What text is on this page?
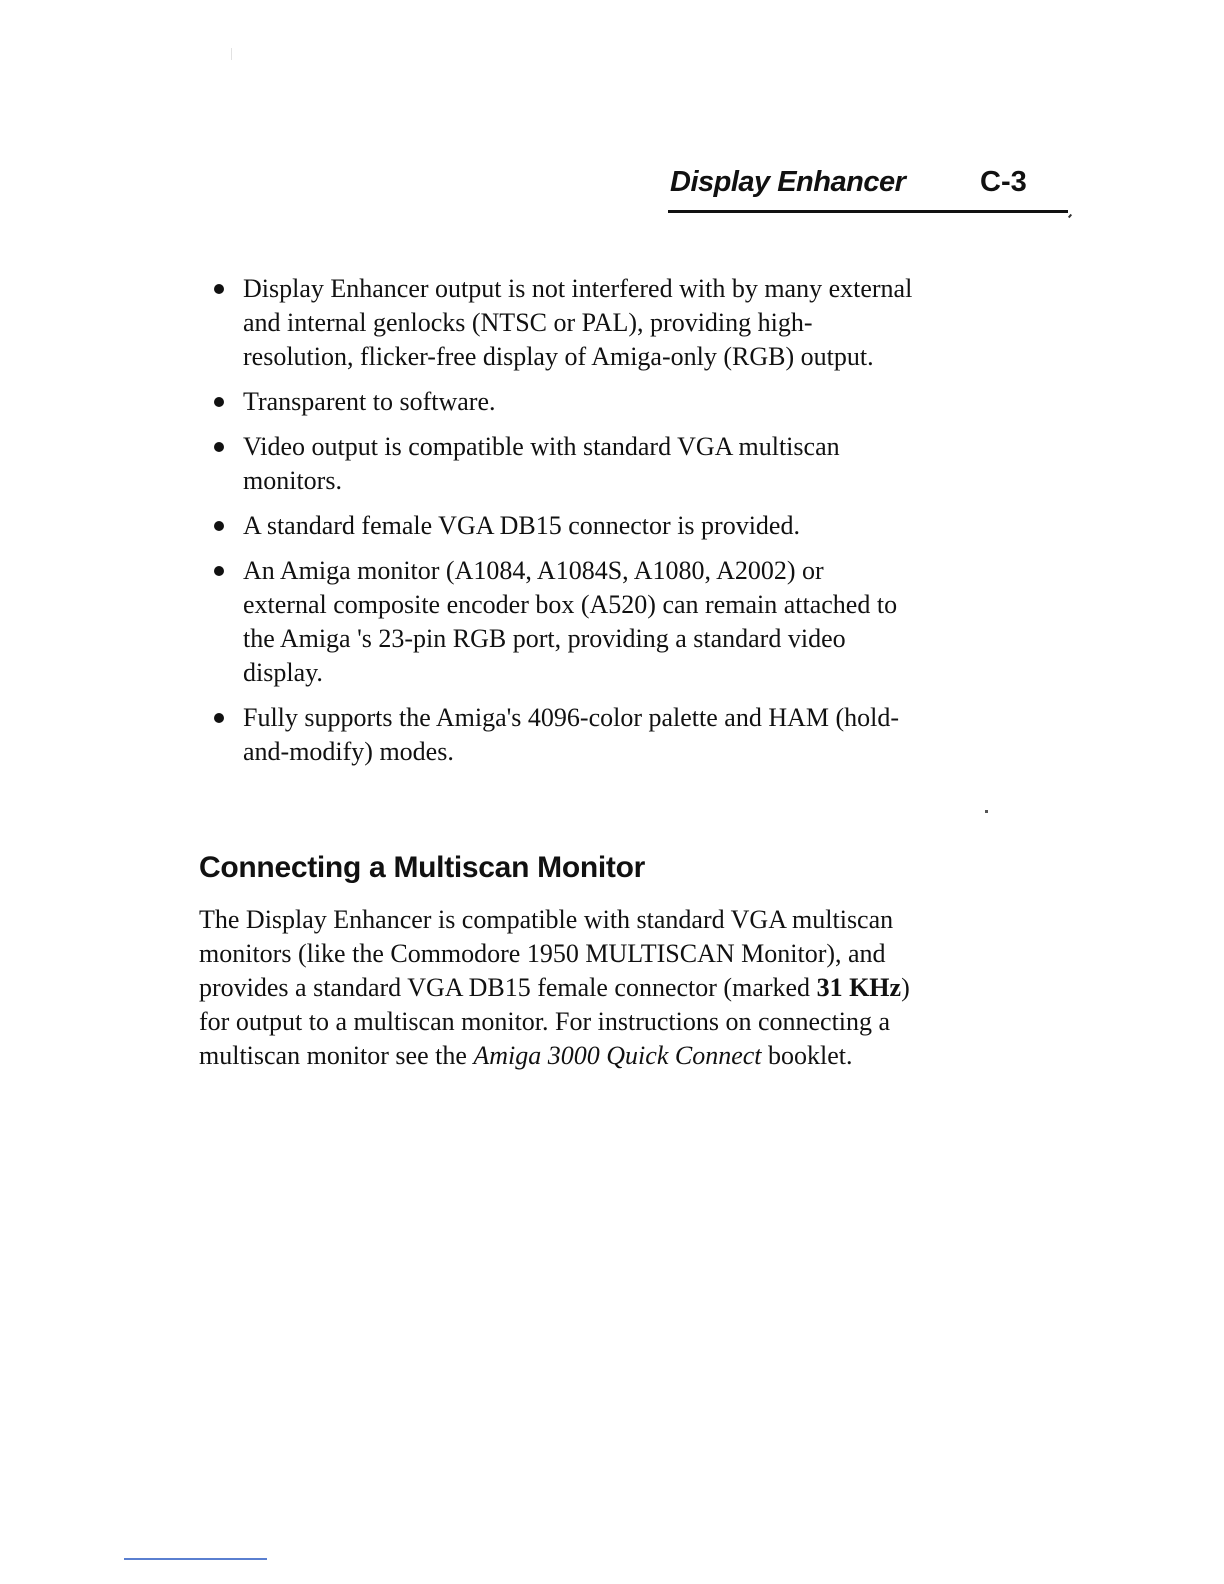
Display Enhancer	C-3
Display Enhancer output is not interfered with by many external and internal genlocks (NTSC or PAL), providing high-resolution, flicker-free display of Amiga-only (RGB) output.
Transparent to software.
Video output is compatible with standard VGA multiscan monitors.
A standard female VGA DB15 connector is provided.
An Amiga monitor (A1084, A1084S, A1080, A2002) or external composite encoder box (A520) can remain attached to the Amiga 's 23-pin RGB port, providing a standard video display.
Fully supports the Amiga's 4096-color palette and HAM (hold-and-modify) modes.
Connecting a Multiscan Monitor

The Display Enhancer is compatible with standard VGA multiscan monitors (like the Commodore 1950 MULTISCAN Monitor), and provides a standard VGA DB15 female connector (marked 31 KHz) for output to a multiscan monitor. For instructions on connecting a multiscan monitor see the Amiga 3000 Quick Connect booklet.
